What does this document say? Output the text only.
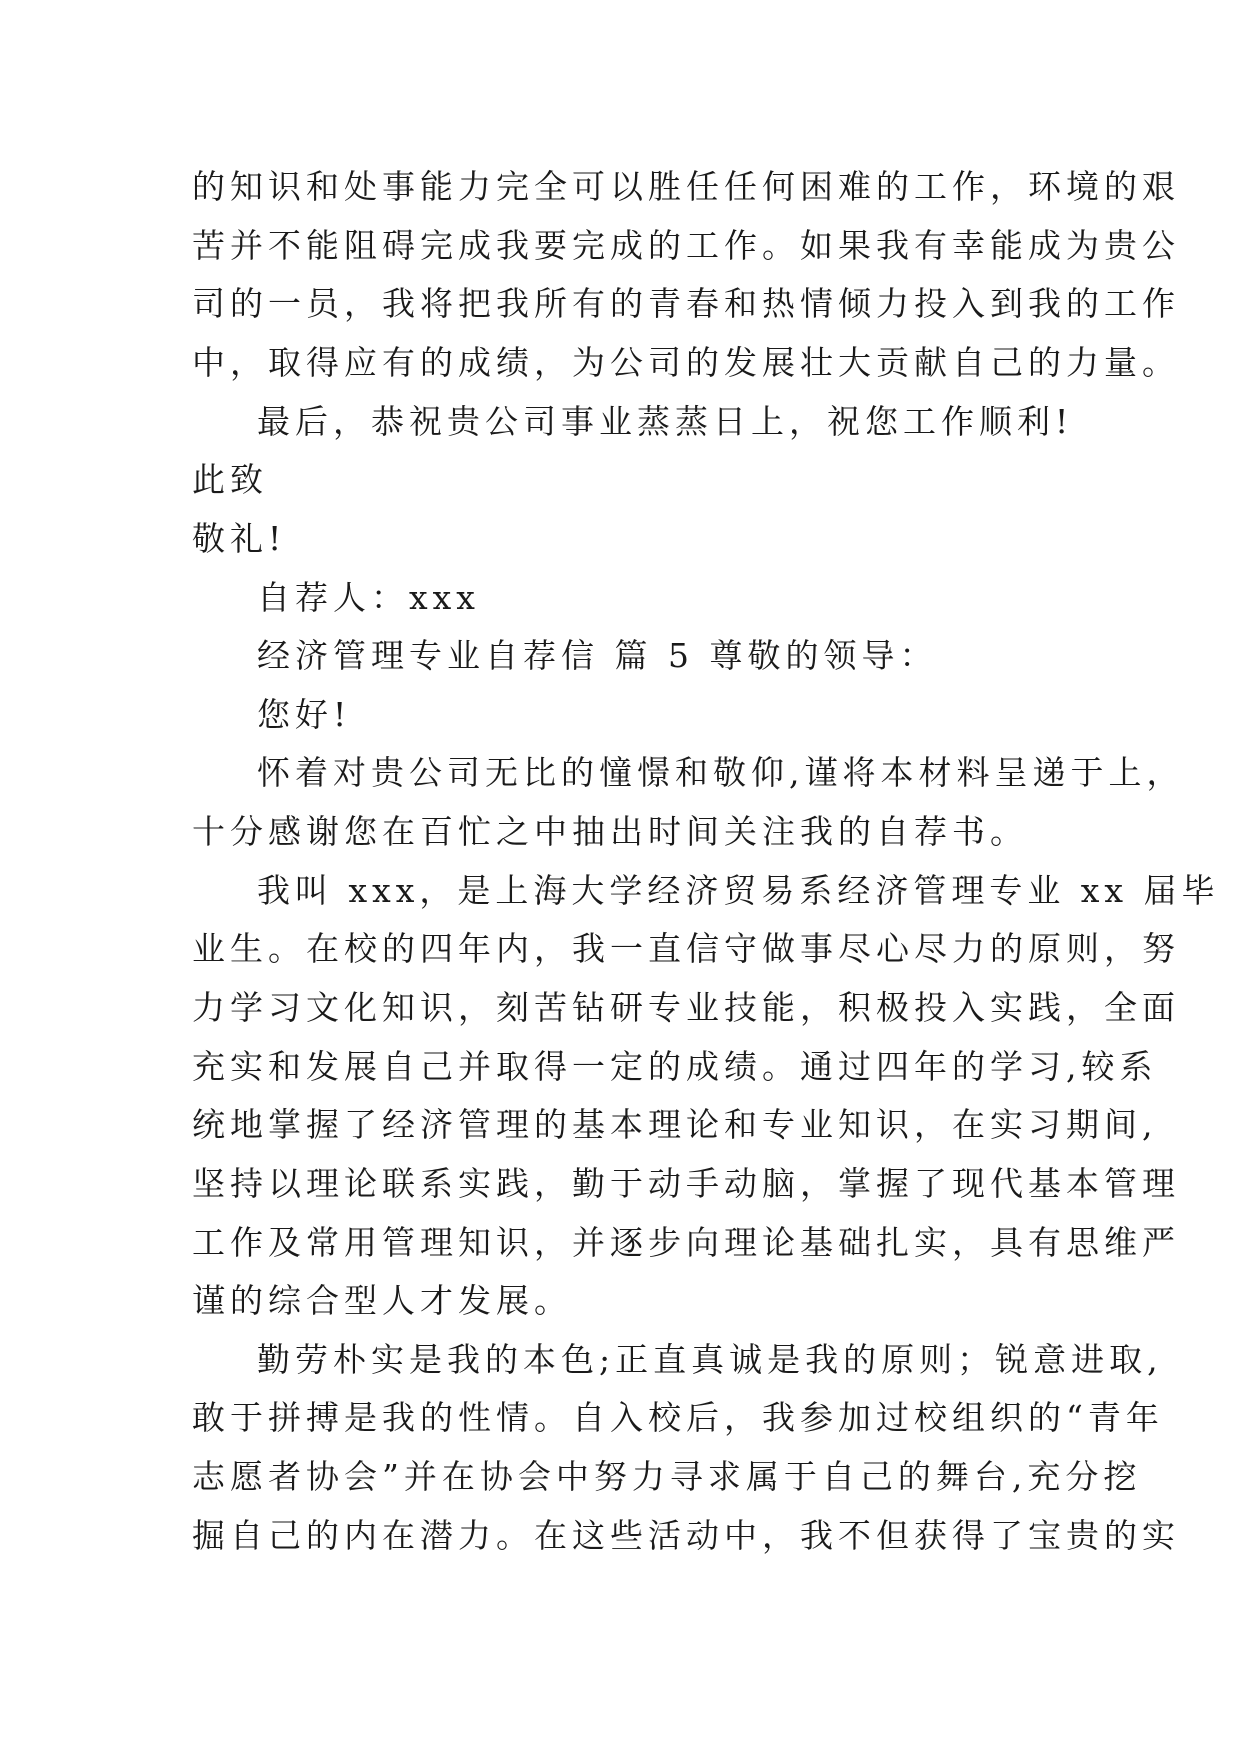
的知识和处事能力完全可以胜任任何困难的工作，环境的艰
苦并不能阻碍完成我要完成的工作。如果我有幸能成为贵公
司的一员，我将把我所有的青春和热情倾力投入到我的工作
中，取得应有的成绩，为公司的发展壮大贡献自己的力量。
最后，恭祝贵公司事业蒸蒸日上，祝您工作顺利!
此致
敬礼!
自荐人：xxx
经济管理专业自荐信 篇 5 尊敬的领导：
您好!
怀着对贵公司无比的憧憬和敬仰,谨将本材料呈递于上，
十分感谢您在百忙之中抽出时间关注我的自荐书。
我叫 xxx，是上海大学经济贸易系经济管理专业 xx 届毕
业生。在校的四年内，我一直信守做事尽心尽力的原则，努
力学习文化知识，刻苦钻研专业技能，积极投入实践，全面
充实和发展自己并取得一定的成绩。通过四年的学习,较系
统地掌握了经济管理的基本理论和专业知识，在实习期间,
坚持以理论联系实践，勤于动手动脑，掌握了现代基本管理
工作及常用管理知识，并逐步向理论基础扎实，具有思维严
谨的综合型人才发展。
勤劳朴实是我的本色;正直真诚是我的原则；锐意进取,
敢于拼搏是我的性情。自入校后，我参加过校组织的“青年
志愿者协会”并在协会中努力寻求属于自己的舞台,充分挖
掘自己的内在潜力。在这些活动中，我不但获得了宝贵的实
